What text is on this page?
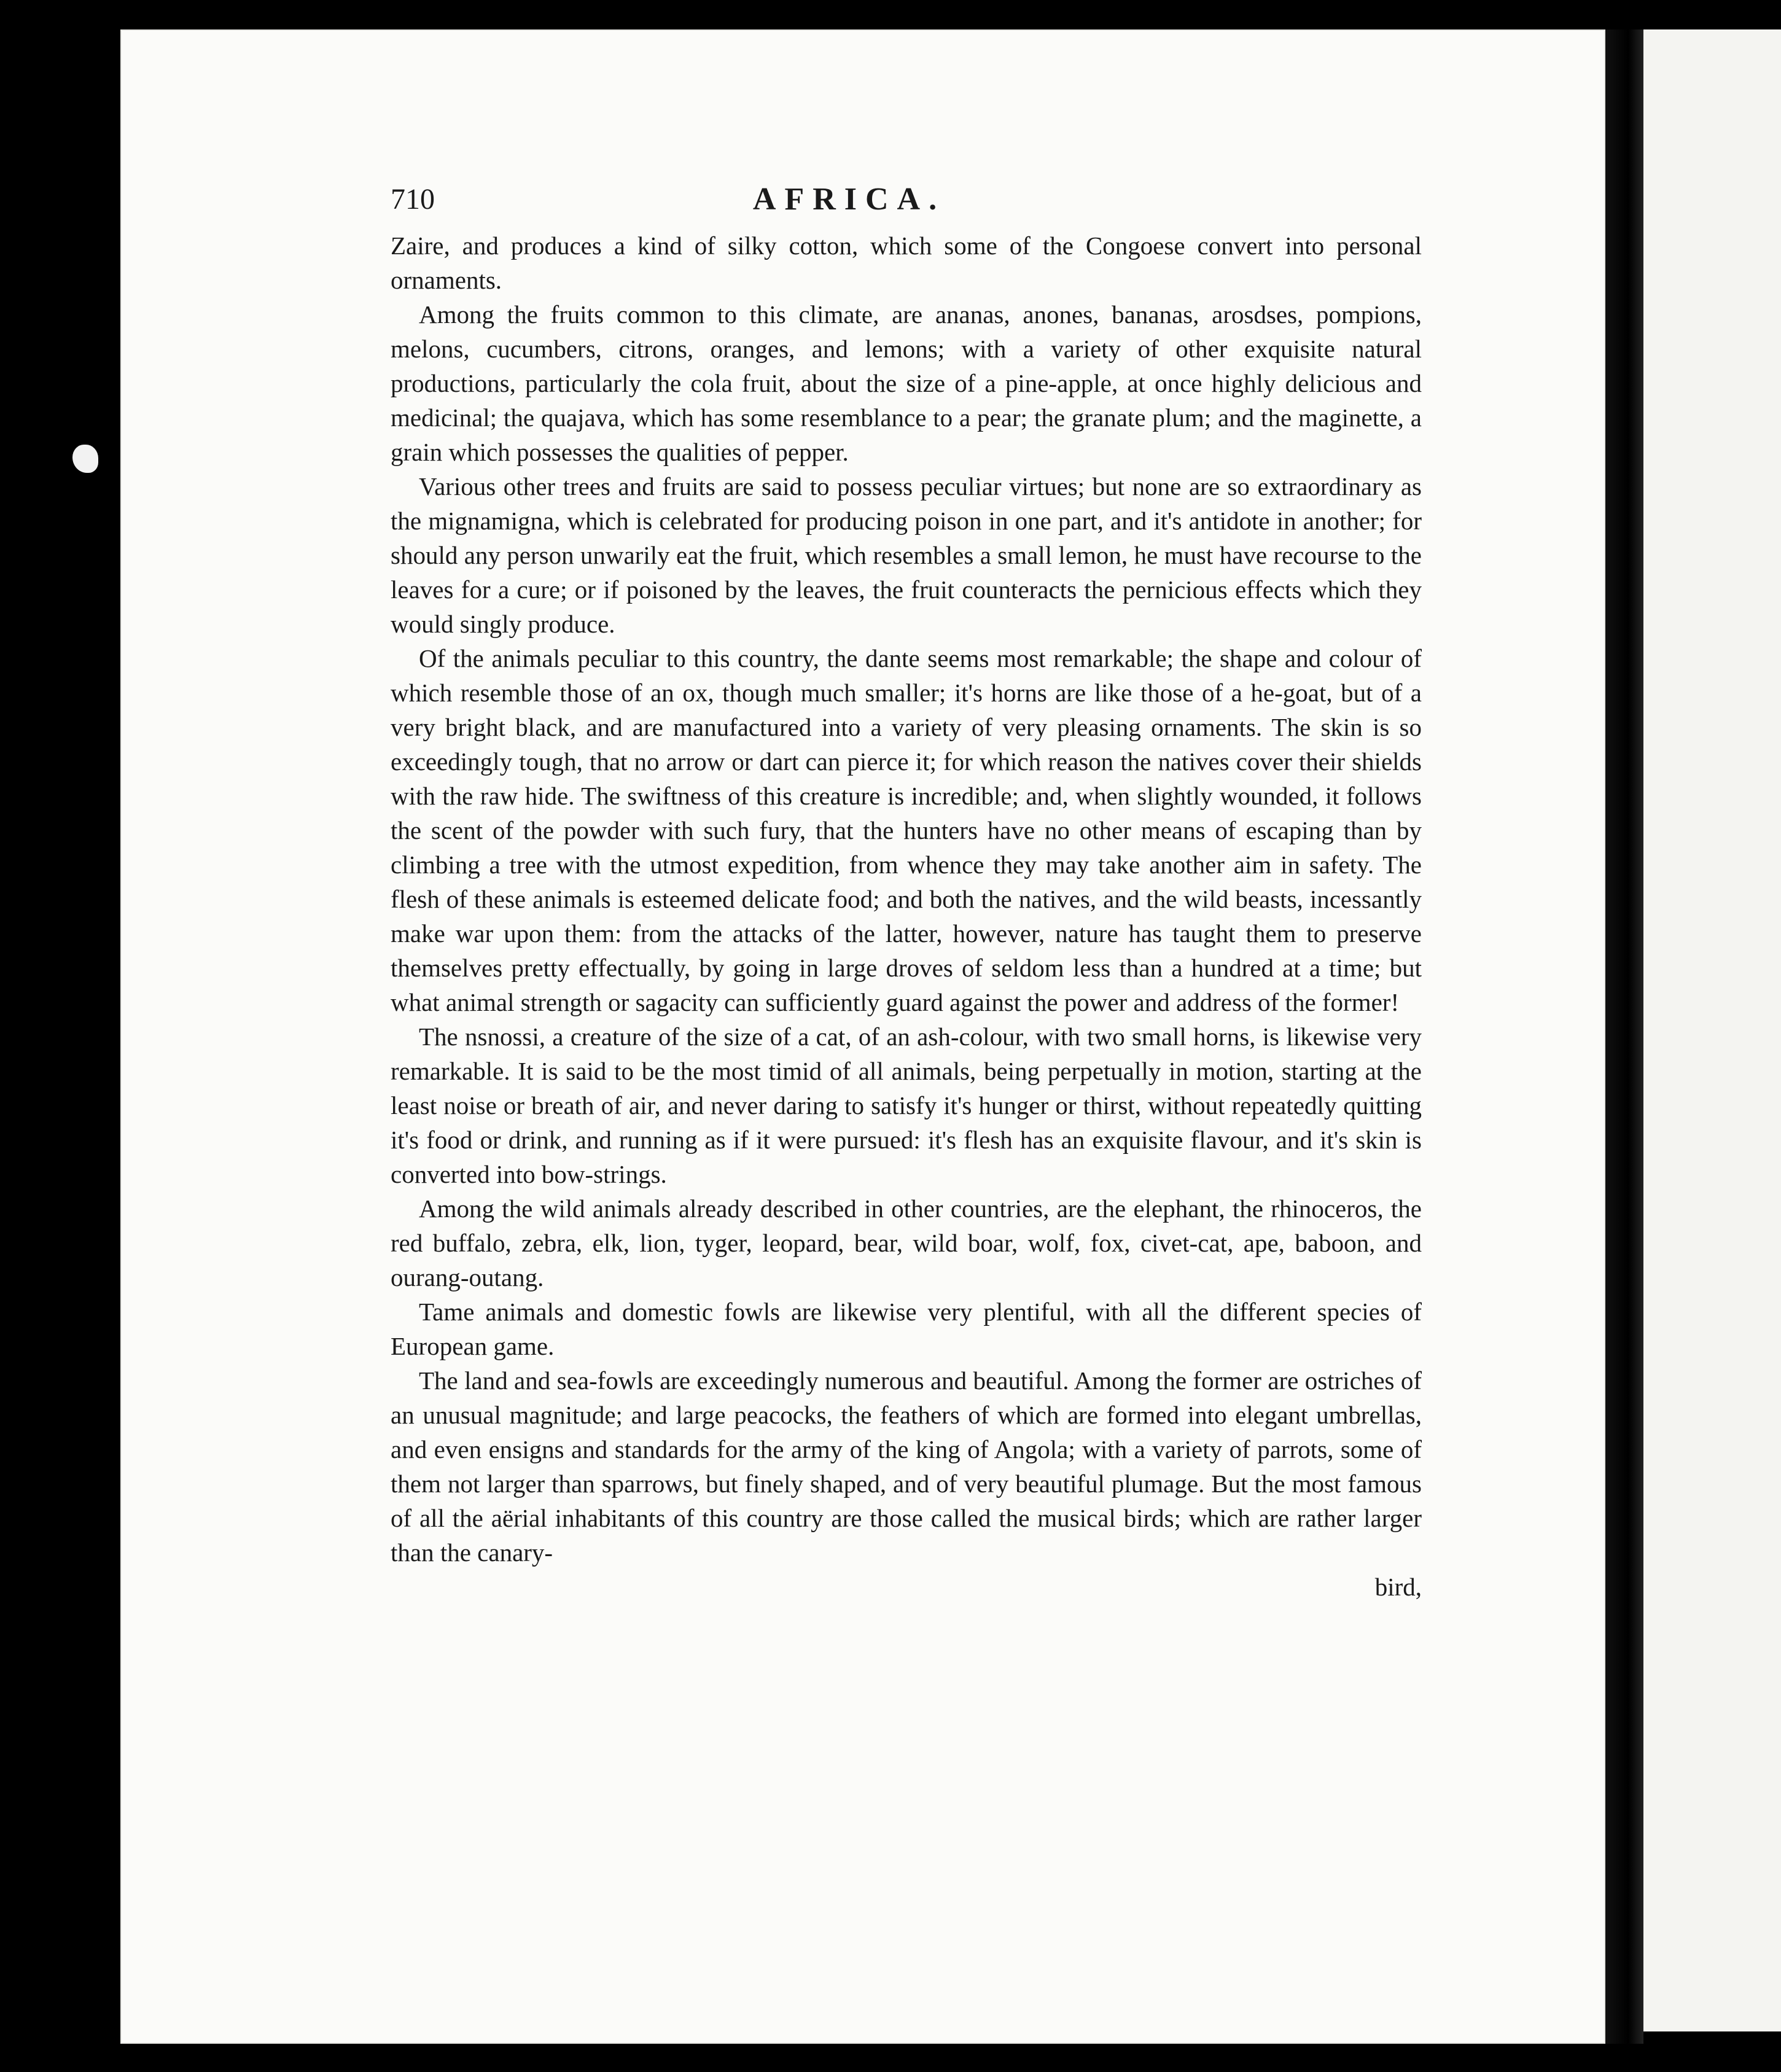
710	AFRICA.

Zaire, and produces a kind of silky cotton, which some of the Congoese convert into personal ornaments.

Among the fruits common to this climate, are ananas, anones, bananas, arosdses, pompions, melons, cucumbers, citrons, oranges, and lemons; with a variety of other exquisite natural productions, particularly the cola fruit, about the size of a pine-apple, at once highly delicious and medicinal; the quajava, which has some resemblance to a pear; the granate plum; and the maginette, a grain which possesses the qualities of pepper.

Various other trees and fruits are said to possess peculiar virtues; but none are so extraordinary as the mignamigna, which is celebrated for producing poison in one part, and it's antidote in another; for should any person unwarily eat the fruit, which resembles a small lemon, he must have recourse to the leaves for a cure; or if poisoned by the leaves, the fruit counteracts the pernicious effects which they would singly produce.

Of the animals peculiar to this country, the dante seems most remarkable; the shape and colour of which resemble those of an ox, though much smaller; it's horns are like those of a he-goat, but of a very bright black, and are manufactured into a variety of very pleasing ornaments. The skin is so exceedingly tough, that no arrow or dart can pierce it; for which reason the natives cover their shields with the raw hide. The swiftness of this creature is incredible; and, when slightly wounded, it follows the scent of the powder with such fury, that the hunters have no other means of escaping than by climbing a tree with the utmost expedition, from whence they may take another aim in safety. The flesh of these animals is esteemed delicate food; and both the natives, and the wild beasts, incessantly make war upon them: from the attacks of the latter, however, nature has taught them to preserve themselves pretty effectually, by going in large droves of seldom less than a hundred at a time; but what animal strength or sagacity can sufficiently guard against the power and address of the former!

The nsnossi, a creature of the size of a cat, of an ash-colour, with two small horns, is likewise very remarkable. It is said to be the most timid of all animals, being perpetually in motion, starting at the least noise or breath of air, and never daring to satisfy it's hunger or thirst, without repeatedly quitting it's food or drink, and running as if it were pursued: it's flesh has an exquisite flavour, and it's skin is converted into bow-strings.

Among the wild animals already described in other countries, are the elephant, the rhinoceros, the red buffalo, zebra, elk, lion, tyger, leopard, bear, wild boar, wolf, fox, civet-cat, ape, baboon, and ourang-outang.

Tame animals and domestic fowls are likewise very plentiful, with all the different species of European game.

The land and sea-fowls are exceedingly numerous and beautiful. Among the former are ostriches of an unusual magnitude; and large peacocks, the feathers of which are formed into elegant umbrellas, and even ensigns and standards for the army of the king of Angola; with a variety of parrots, some of them not larger than sparrows, but finely shaped, and of very beautiful plumage. But the most famous of all the aërial inhabitants of this country are those called the musical birds; which are rather larger than the canary-

bird,
